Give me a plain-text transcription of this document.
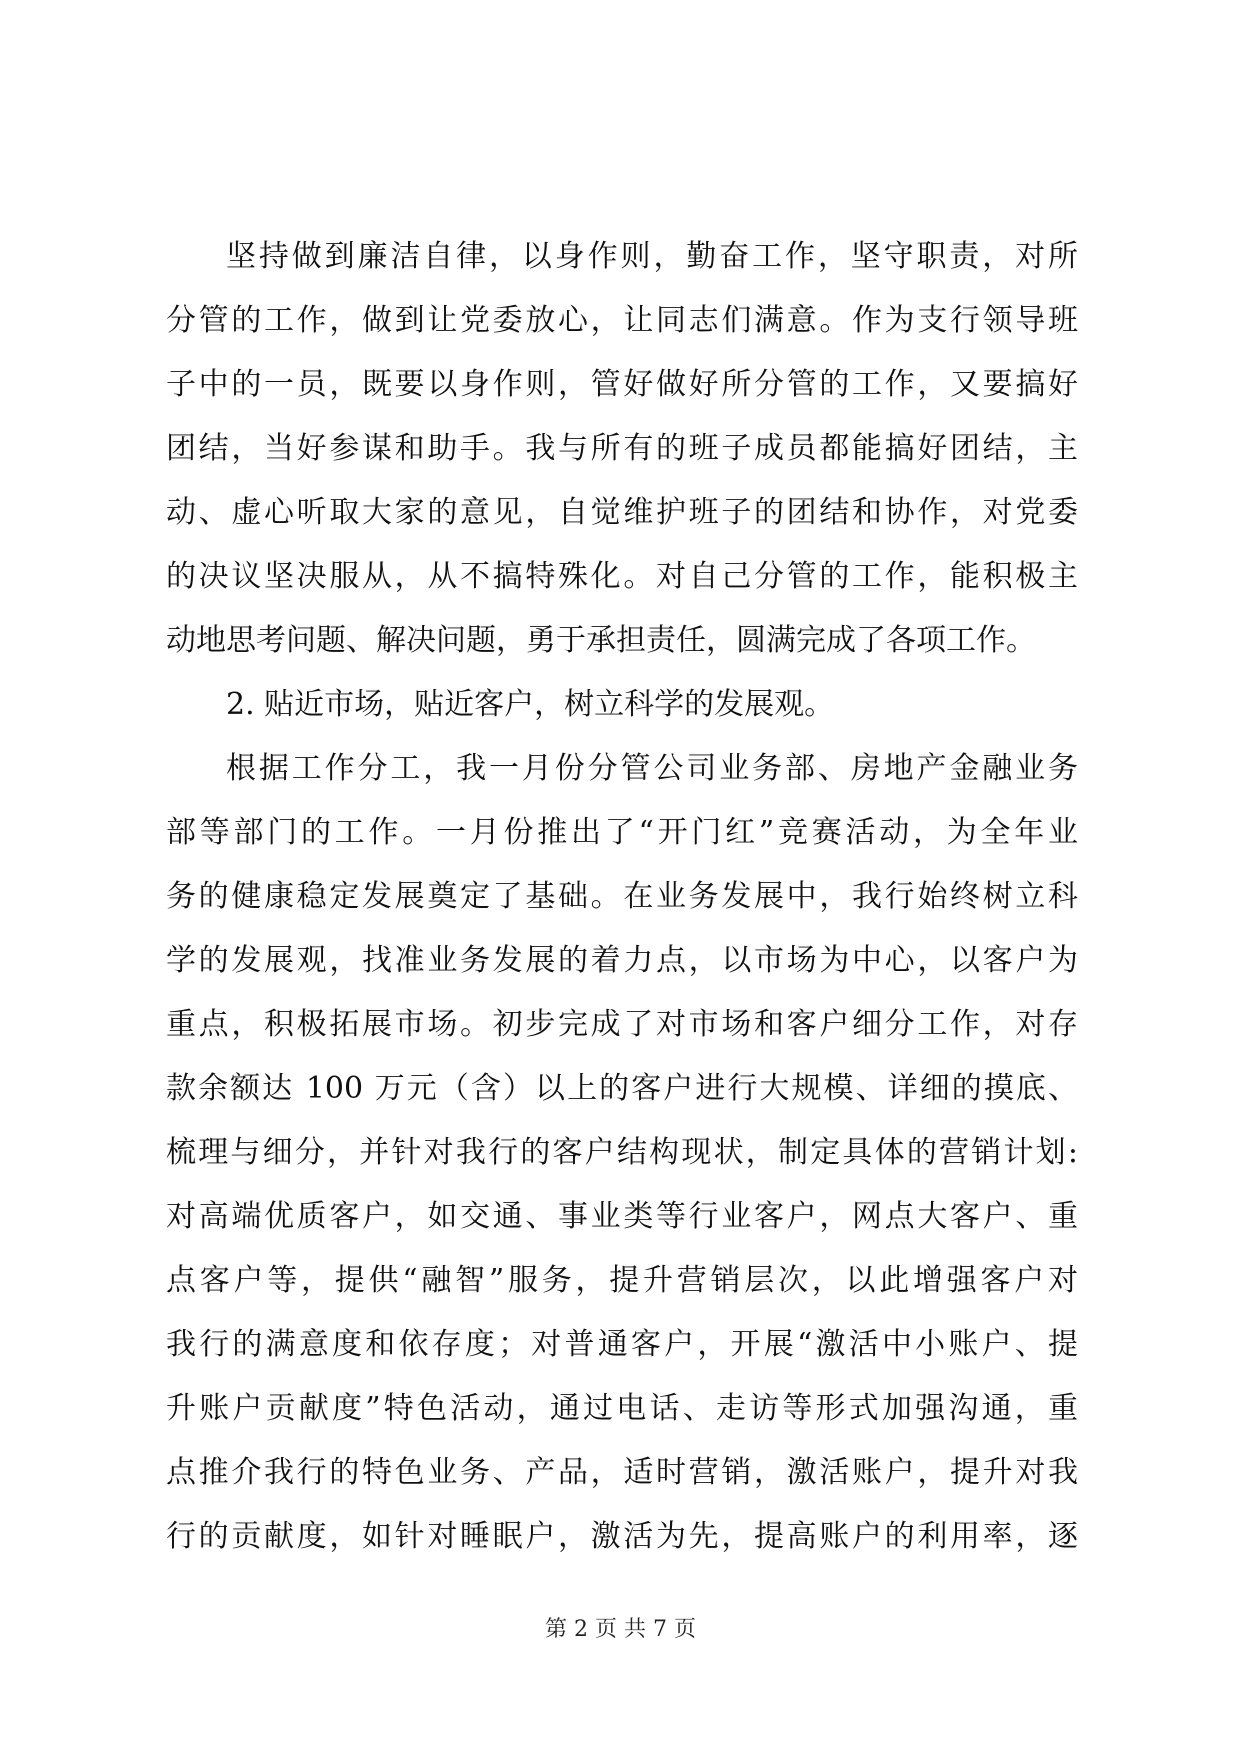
坚持做到廉洁自律，以身作则，勤奋工作，坚守职责，对所
分管的工作，做到让党委放心，让同志们满意。作为支行领导班
子中的一员，既要以身作则，管好做好所分管的工作，又要搞好
团结，当好参谋和助手。我与所有的班子成员都能搞好团结，主
动、虚心听取大家的意见，自觉维护班子的团结和协作，对党委
的决议坚决服从，从不搞特殊化。对自己分管的工作，能积极主
动地思考问题、解决问题，勇于承担责任，圆满完成了各项工作。
2. 贴近市场，贴近客户，树立科学的发展观。
根据工作分工，我一月份分管公司业务部、房地产金融业务
部等部门的工作。一月份推出了“开门红”竞赛活动，为全年业
务的健康稳定发展奠定了基础。在业务发展中，我行始终树立科
学的发展观，找准业务发展的着力点，以市场为中心，以客户为
重点，积极拓展市场。初步完成了对市场和客户细分工作，对存
款余额达 100 万元（含）以上的客户进行大规模、详细的摸底、
梳理与细分，并针对我行的客户结构现状，制定具体的营销计划:
对高端优质客户，如交通、事业类等行业客户，网点大客户、重
点客户等，提供“融智”服务，提升营销层次，以此增强客户对
我行的满意度和依存度；对普通客户，开展“激活中小账户、提
升账户贡献度”特色活动，通过电话、走访等形式加强沟通，重
点推介我行的特色业务、产品，适时营销，激活账户，提升对我
行的贡献度，如针对睡眠户，激活为先，提高账户的利用率，逐
第 2 页 共 7 页
